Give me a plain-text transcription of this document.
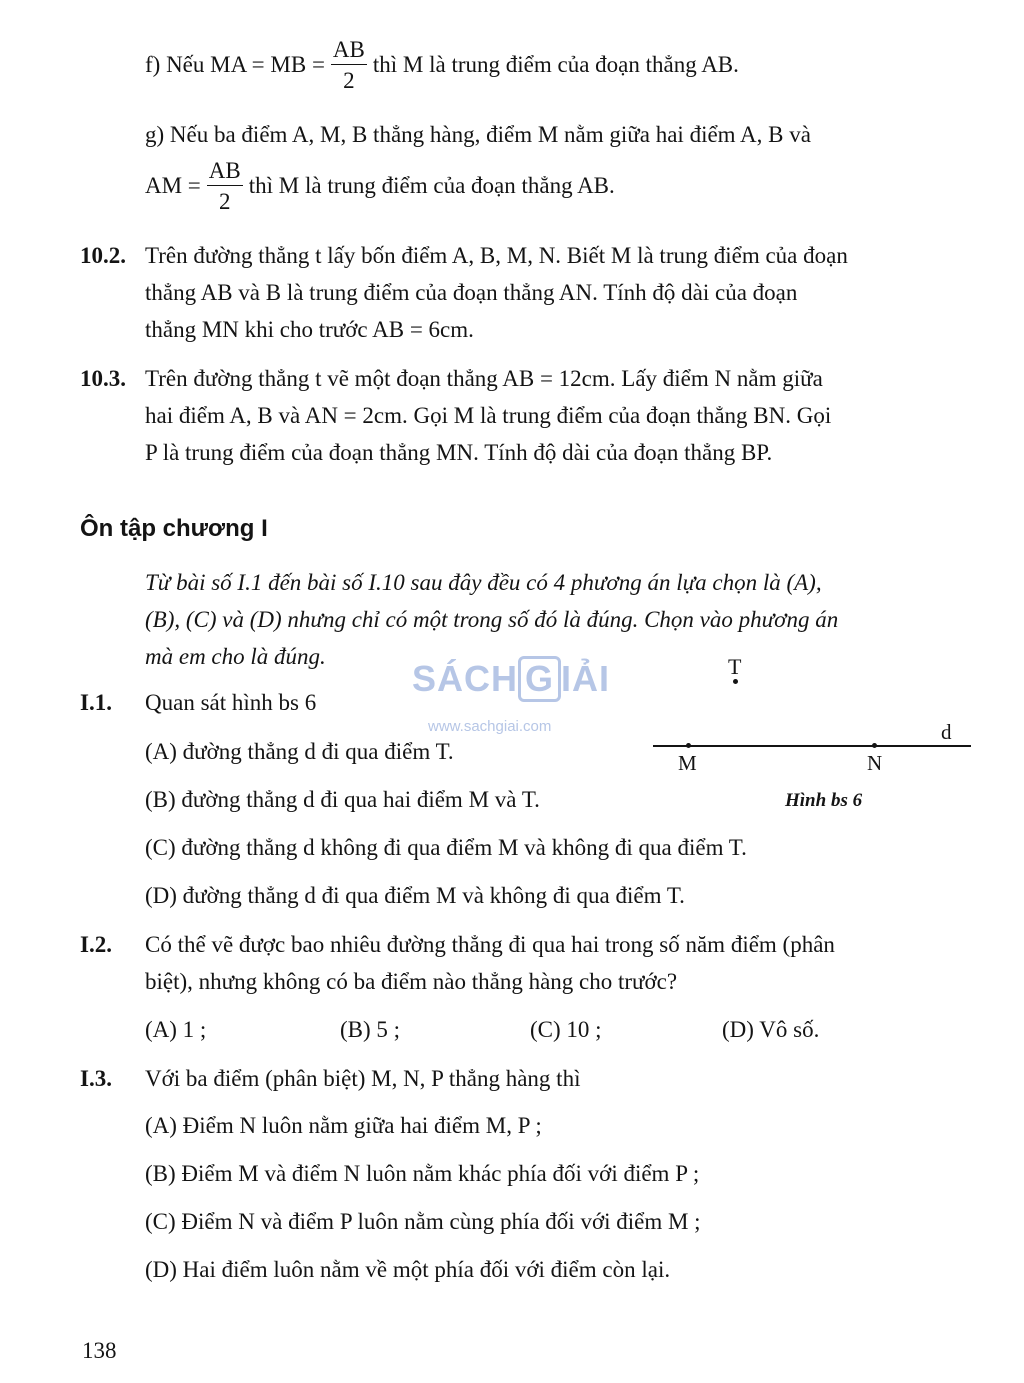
f) Nếu MA = MB = $\frac{AB}{2}$ thì M là trung điểm của đoạn thẳng AB.
g) Nếu ba điểm A, M, B thẳng hàng, điểm M nằm giữa hai điểm A, B và
AM = $\frac{AB}{2}$ thì M là trung điểm của đoạn thẳng AB.
10.2. Trên đường thẳng t lấy bốn điểm A, B, M, N. Biết M là trung điểm của đoạn
thẳng AB và B là trung điểm của đoạn thẳng AN. Tính độ dài của đoạn
thẳng MN khi cho trước AB = 6cm.
10.3. Trên đường thẳng t vẽ một đoạn thẳng AB = 12cm. Lấy điểm N nằm giữa
hai điểm A, B và AN = 2cm. Gọi M là trung điểm của đoạn thẳng BN. Gọi
P là trung điểm của đoạn thẳng MN. Tính độ dài của đoạn thẳng BP.
Ôn tập chương I
Từ bài số I.1 đến bài số I.10 sau đây đều có 4 phương án lựa chọn là (A),
(B), (C) và (D) nhưng chỉ có một trong số đó là đúng. Chọn vào phương án
mà em cho là đúng.
SÁCH G IẢI
www.sachgiai.com
I.1. Quan sát hình bs 6
(A) đường thẳng d đi qua điểm T.
(B) đường thẳng d đi qua hai điểm M và T.
(C) đường thẳng d không đi qua điểm M và không đi qua điểm T.
(D) đường thẳng d đi qua điểm M và không đi qua điểm T.
T
M	N
d
Hình bs 6
I.2. Có thể vẽ được bao nhiêu đường thẳng đi qua hai trong số năm điểm (phân
biệt), nhưng không có ba điểm nào thẳng hàng cho trước?
(A) 1 ;	(B) 5 ;	(C) 10 ;	(D) Vô số.
I.3. Với ba điểm (phân biệt) M, N, P thẳng hàng thì
(A) Điểm N luôn nằm giữa hai điểm M, P ;
(B) Điểm M và điểm N luôn nằm khác phía đối với điểm P ;
(C) Điểm N và điểm P luôn nằm cùng phía đối với điểm M ;
(D) Hai điểm luôn nằm về một phía đối với điểm còn lại.
138
